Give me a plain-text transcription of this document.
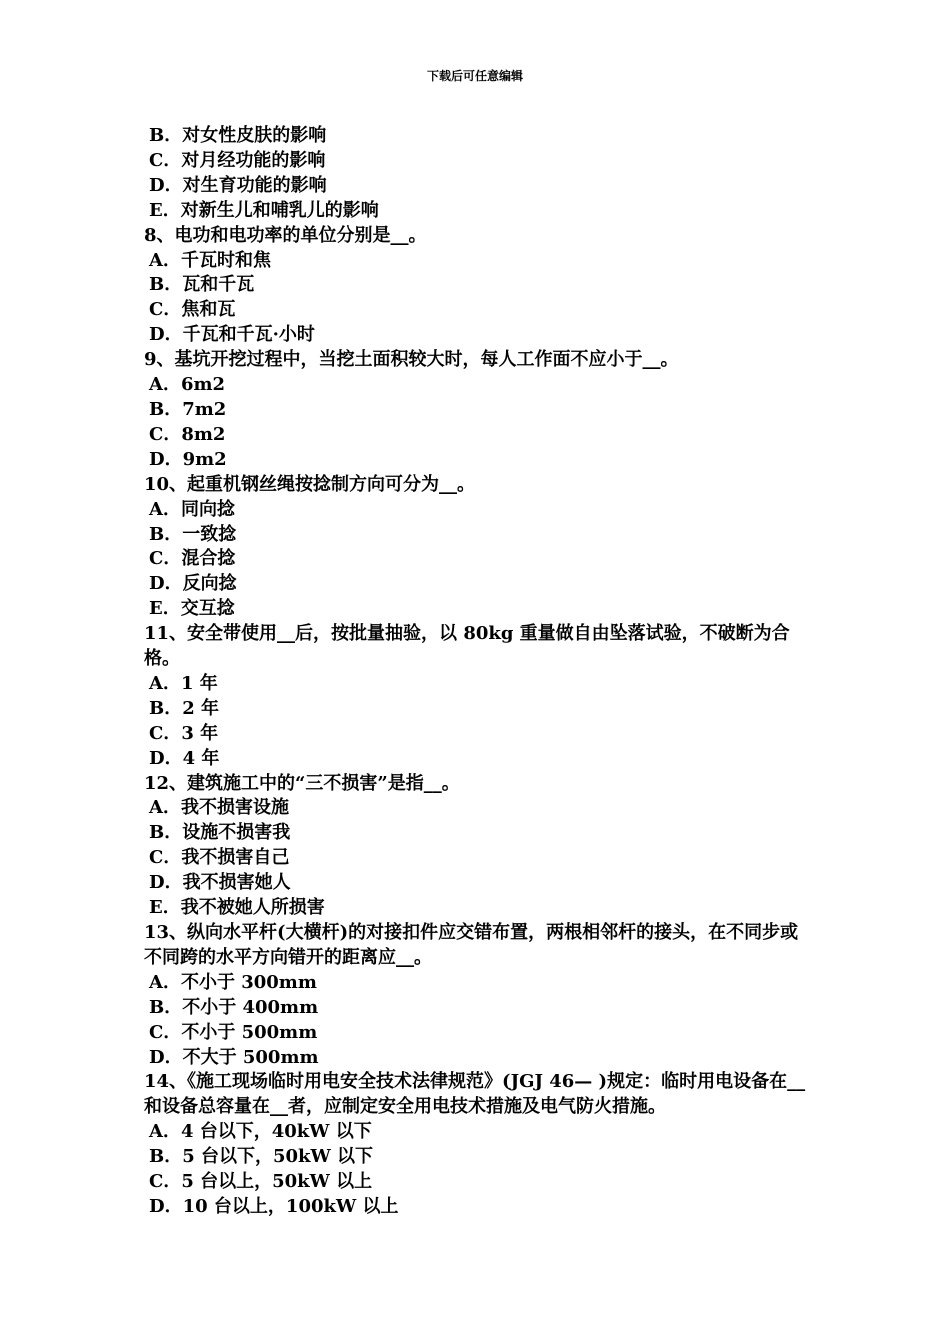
下载后可任意编辑
B．对女性皮肤的影响
C．对月经功能的影响
D．对生育功能的影响
E．对新生儿和哺乳儿的影响
8、电功和电功率的单位分别是__。
A．千瓦时和焦
B．瓦和千瓦
C．焦和瓦
D．千瓦和千瓦·小时
9、基坑开挖过程中，当挖土面积较大时，每人工作面不应小于__。
A．6m2
B．7m2
C．8m2
D．9m2
10、起重机钢丝绳按捻制方向可分为__。
A．同向捻
B．一致捻
C．混合捻
D．反向捻
E．交互捻
11、安全带使用__后，按批量抽验，以 80kg 重量做自由坠落试验，不破断为合格。
A．1 年
B．2 年
C．3 年
D．4 年
12、建筑施工中的“三不损害”是指__。
A．我不损害设施
B．设施不损害我
C．我不损害自己
D．我不损害她人
E．我不被她人所损害
13、纵向水平杆(大横杆)的对接扣件应交错布置，两根相邻杆的接头，在不同步或不同跨的水平方向错开的距离应__。
A．不小于 300mm
B．不小于 400mm
C．不小于 500mm
D．不大于 500mm
14、《施工现场临时用电安全技术法律规范》(JGJ 46— )规定：临时用电设备在__和设备总容量在__者，应制定安全用电技术措施及电气防火措施。
A．4 台以下，40kW 以下
B．5 台以下，50kW 以下
C．5 台以上，50kW 以上
D．10 台以上，100kW 以上
